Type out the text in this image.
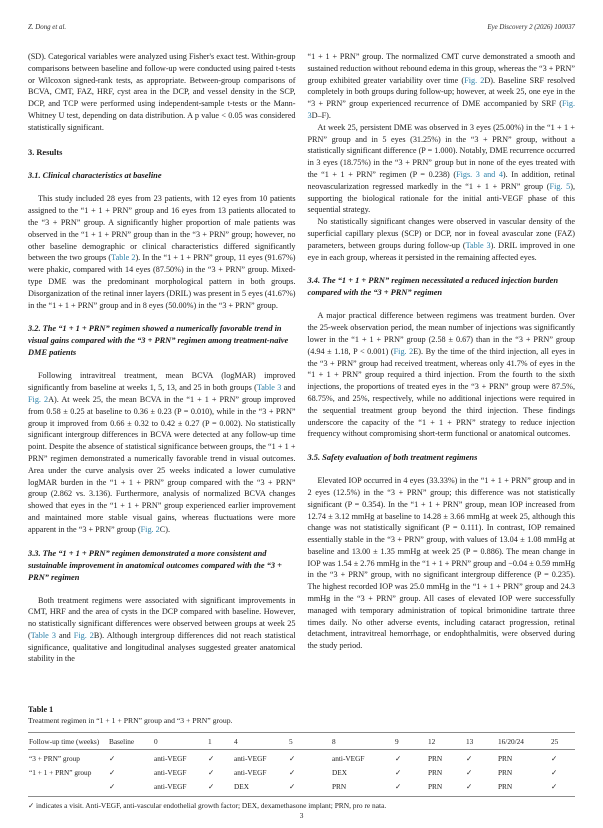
Z. Dong et al.	Eye Discovery 2 (2026) 100037

(SD). Categorical variables were analyzed using Fisher's exact test. Within-group comparisons between baseline and follow-up were conducted using paired t-tests or Wilcoxon signed-rank tests, as appropriate. Between-group comparisons of BCVA, CMT, FAZ, HRF, cyst area in the DCP, and vessel density in the SCP, DCP, and TCP were performed using independent-sample t-tests or the Mann-Whitney U test, depending on data distribution. A p value < 0.05 was considered statistically significant.

3. Results
3.1. Clinical characteristics at baseline

This study included 28 eyes from 23 patients, with 12 eyes from 10 patients assigned to the “1 + 1 + PRN” group and 16 eyes from 13 patients allocated to the “3 + PRN” group. A significantly higher proportion of male patients was observed in the “1 + 1 + PRN” group than in the “3 + PRN” group; however, no other baseline demographic or clinical characteristics differed significantly between the two groups (Table 2). In the “1 + 1 + PRN” group, 11 eyes (91.67%) were phakic, compared with 14 eyes (87.50%) in the “3 + PRN” group. Mixed-type DME was the predominant morphological pattern in both groups. Disorganization of the retinal inner layers (DRIL) was present in 5 eyes (41.67%) in the “1 + 1 + PRN” group and in 8 eyes (50.00%) in the “3 + PRN” group.

3.2. The “1 + 1 + PRN” regimen showed a numerically favorable trend in visual gains compared with the “3 + PRN” regimen among treatment-naïve DME patients

Following intravitreal treatment, mean BCVA (logMAR) improved significantly from baseline at weeks 1, 5, 13, and 25 in both groups (Table 3 and Fig. 2A). At week 25, the mean BCVA in the “1 + 1 + PRN” group improved from 0.58 ± 0.25 at baseline to 0.36 ± 0.23 (P = 0.010), while in the “3 + PRN” group it improved from 0.66 ± 0.32 to 0.42 ± 0.27 (P = 0.002). No statistically significant intergroup differences in BCVA were detected at any follow-up time point. Despite the absence of statistical significance between groups, the “1 + 1 + PRN” regimen demonstrated a numerically favorable trend in visual outcomes. Area under the curve analysis over 25 weeks indicated a lower cumulative logMAR burden in the “1 + 1 + PRN” group compared with the “3 + PRN” group (2.862 vs. 3.136). Furthermore, analysis of normalized BCVA changes showed that eyes in the “1 + 1 + PRN” group experienced earlier improvement and maintained more stable visual gains, whereas fluctuations were more apparent in the “3 + PRN” group (Fig. 2C).

3.3. The “1 + 1 + PRN” regimen demonstrated a more consistent and sustainable improvement in anatomical outcomes compared with the “3 + PRN” regimen

Both treatment regimens were associated with significant improvements in CMT, HRF and the area of cysts in the DCP compared with baseline. However, no statistically significant differences were observed between groups at week 25 (Table 3 and Fig. 2B). Although intergroup differences did not reach statistical significance, qualitative and longitudinal analyses suggested greater anatomical stability in the

“1 + 1 + PRN” group. The normalized CMT curve demonstrated a smooth and sustained reduction without rebound edema in this group, whereas the “3 + PRN” group exhibited greater variability over time (Fig. 2D). Baseline SRF resolved completely in both groups during follow-up; however, at week 25, one eye in the “3 + PRN” group experienced recurrence of DME accompanied by SRF (Fig. 3D–F).

At week 25, persistent DME was observed in 3 eyes (25.00%) in the “1 + 1 + PRN” group and in 5 eyes (31.25%) in the “3 + PRN” group, without a statistically significant difference (P = 1.000). Notably, DME recurrence occurred in 3 eyes (18.75%) in the “3 + PRN” group but in none of the eyes treated with the “1 + 1 + PRN” regimen (P = 0.238) (Figs. 3 and 4). In addition, retinal neovascularization regressed markedly in the “1 + 1 + PRN” group (Fig. 5), supporting the biological rationale for the initial anti-VEGF phase of this sequential strategy.

No statistically significant changes were observed in vascular density of the superficial capillary plexus (SCP) or DCP, nor in foveal avascular zone (FAZ) parameters, between groups during follow-up (Table 3). DRIL improved in one eye in each group, whereas it persisted in the remaining affected eyes.

3.4. The “1 + 1 + PRN” regimen necessitated a reduced injection burden compared with the “3 + PRN” regimen

A major practical difference between regimens was treatment burden. Over the 25-week observation period, the mean number of injections was significantly lower in the “1 + 1 + PRN” group (2.58 ± 0.67) than in the “3 + PRN” group (4.94 ± 1.18, P < 0.001) (Fig. 2E). By the time of the third injection, all eyes in the “3 + PRN” group had received treatment, whereas only 41.7% of eyes in the “1 + 1 + PRN” group required a third injection. From the fourth to the sixth injections, the proportions of treated eyes in the “3 + PRN” group were 87.5%, 68.75%, and 25%, respectively, while no additional injections were required in the sequential treatment group beyond the third injection. These findings underscore the capacity of the “1 + 1 + PRN” strategy to reduce injection frequency without compromising short-term functional or anatomical outcomes.

3.5. Safety evaluation of both treatment regimens

Elevated IOP occurred in 4 eyes (33.33%) in the “1 + 1 + PRN” group and in 2 eyes (12.5%) in the “3 + PRN” group; this difference was not statistically significant (P = 0.354). In the “1 + 1 + PRN” group, mean IOP increased from 12.74 ± 3.12 mmHg at baseline to 14.28 ± 3.66 mmHg at week 25, although this change was not statistically significant (P = 0.111). In contrast, IOP remained essentially stable in the “3 + PRN” group, with values of 13.04 ± 1.08 mmHg at baseline and 13.00 ± 1.35 mmHg at week 25 (P = 0.886). The mean change in IOP was 1.54 ± 2.76 mmHg in the “1 + 1 + PRN” group and −0.04 ± 0.59 mmHg in the “3 + PRN” group, with no significant intergroup difference (P = 0.235). The highest recorded IOP was 25.0 mmHg in the “1 + 1 + PRN” group and 24.3 mmHg in the “3 + PRN” group. All cases of elevated IOP were successfully managed with temporary administration of topical brimonidine tartrate three times daily. No other adverse events, including cataract progression, retinal detachment, intravitreal hemorrhage, or endophthalmitis, were observed during the study period.

Table 1
Treatment regimen in “1 + 1 + PRN” group and “3 + PRN” group.
Follow-up time (weeks)	Baseline	0	1	4	5	8	9	12	13	16/20/24	25
“3 + PRN” group	✓	anti-VEGF	✓	anti-VEGF	✓	anti-VEGF	✓	PRN	✓	PRN	✓
“1 + 1 + PRN” group	✓	anti-VEGF	✓	anti-VEGF	✓	DEX	✓	PRN	✓	PRN	✓
	✓	anti-VEGF	✓	DEX	✓	PRN	✓	PRN	✓	PRN	✓
✓ indicates a visit. Anti-VEGF, anti-vascular endothelial growth factor; DEX, dexamethasone implant; PRN, pro re nata.
3
